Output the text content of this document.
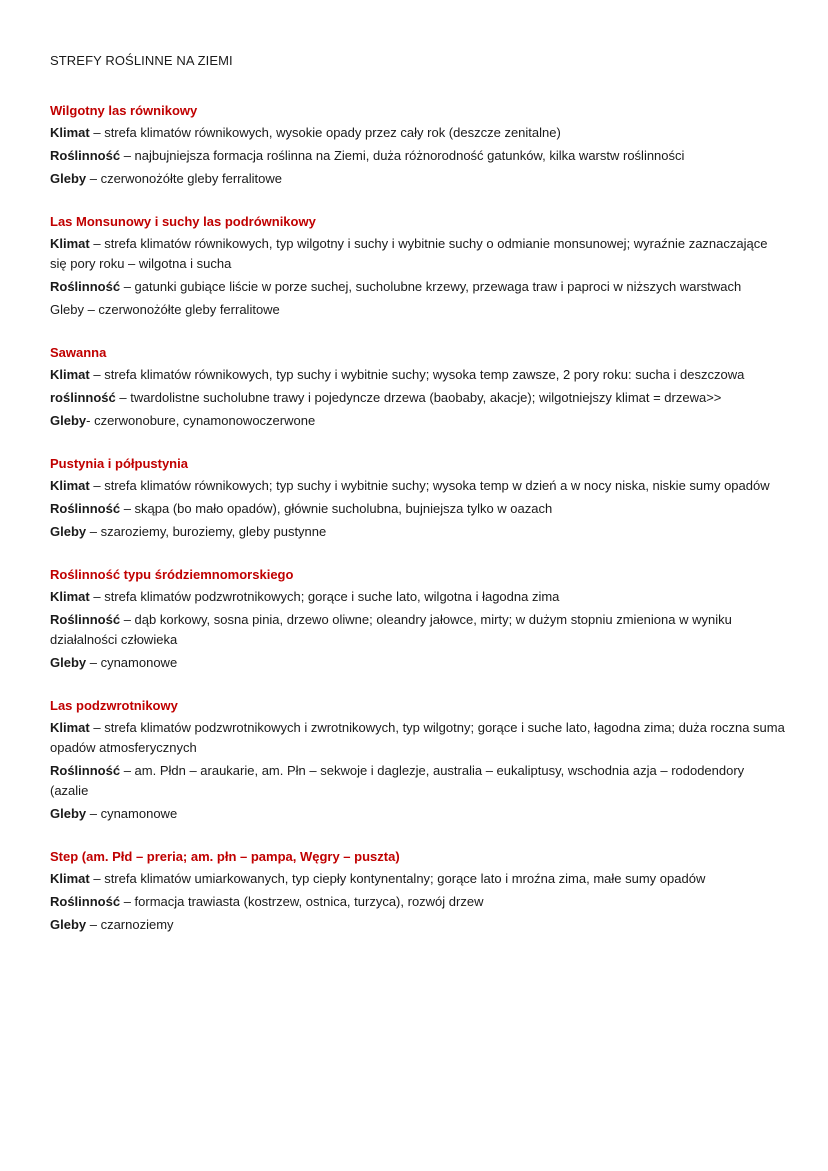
STREFY ROŚLINNE NA ZIEMI
Wilgotny las równikowy
Klimat – strefa klimatów równikowych, wysokie opady przez cały rok (deszcze zenitalne)
Roślinność – najbujniejsza formacja roślinna na Ziemi, duża różnorodność gatunków, kilka warstw roślinności
Gleby – czerwonożółte gleby ferralitowe
Las Monsunowy i suchy las podrównikowy
Klimat – strefa klimatów równikowych, typ wilgotny i suchy i wybitnie suchy o odmianie monsunowej; wyraźnie zaznaczające się pory roku – wilgotna i sucha
Roślinność – gatunki gubiące liście w porze suchej, sucholubne krzewy, przewaga traw i paproci w niższych warstwach
Gleby – czerwonożółte gleby ferralitowe
Sawanna
Klimat – strefa klimatów równikowych, typ suchy i wybitnie suchy; wysoka temp zawsze, 2 pory roku: sucha i deszczowa
roślinność – twardolistne sucholubne trawy i pojedyncze drzewa (baobaby, akacje); wilgotniejszy klimat = drzewa>>
Gleby- czerwonobure, cynamonowoczerwone
Pustynia i półpustynia
Klimat – strefa klimatów równikowych; typ suchy i wybitnie suchy; wysoka temp w dzień a w nocy niska, niskie sumy opadów
Roślinność – skąpa (bo mało opadów), głównie sucholubna, bujniejsza tylko w oazach
Gleby – szaroziemy, buroziemy, gleby pustynne
Roślinność typu śródziemnomorskiego
Klimat – strefa klimatów podzwrotnikowych; gorące i suche lato, wilgotna i łagodna zima
Roślinność – dąb korkowy, sosna pinia, drzewo oliwne; oleandry jałowce, mirty; w dużym stopniu zmieniona w wyniku działalności człowieka
Gleby – cynamonowe
Las podzwrotnikowy
Klimat – strefa klimatów podzwrotnikowych i zwrotnikowych, typ wilgotny; gorące i suche lato, łagodna zima; duża roczna suma opadów atmosferycznych
Roślinność – am. Płdn – araukarie, am. Płn – sekwoje i daglezje, australia – eukaliptusy, wschodnia azja – rododendory (azalie
Gleby – cynamonowe
Step (am. Płd – preria; am. płn – pampa, Węgry – puszta)
Klimat – strefa klimatów umiarkowanych, typ ciepły kontynentalny; gorące lato i mroźna zima, małe sumy opadów
Roślinność – formacja trawiasta (kostrzew, ostnica, turzyca), rozwój drzew
Gleby – czarnoziemy
